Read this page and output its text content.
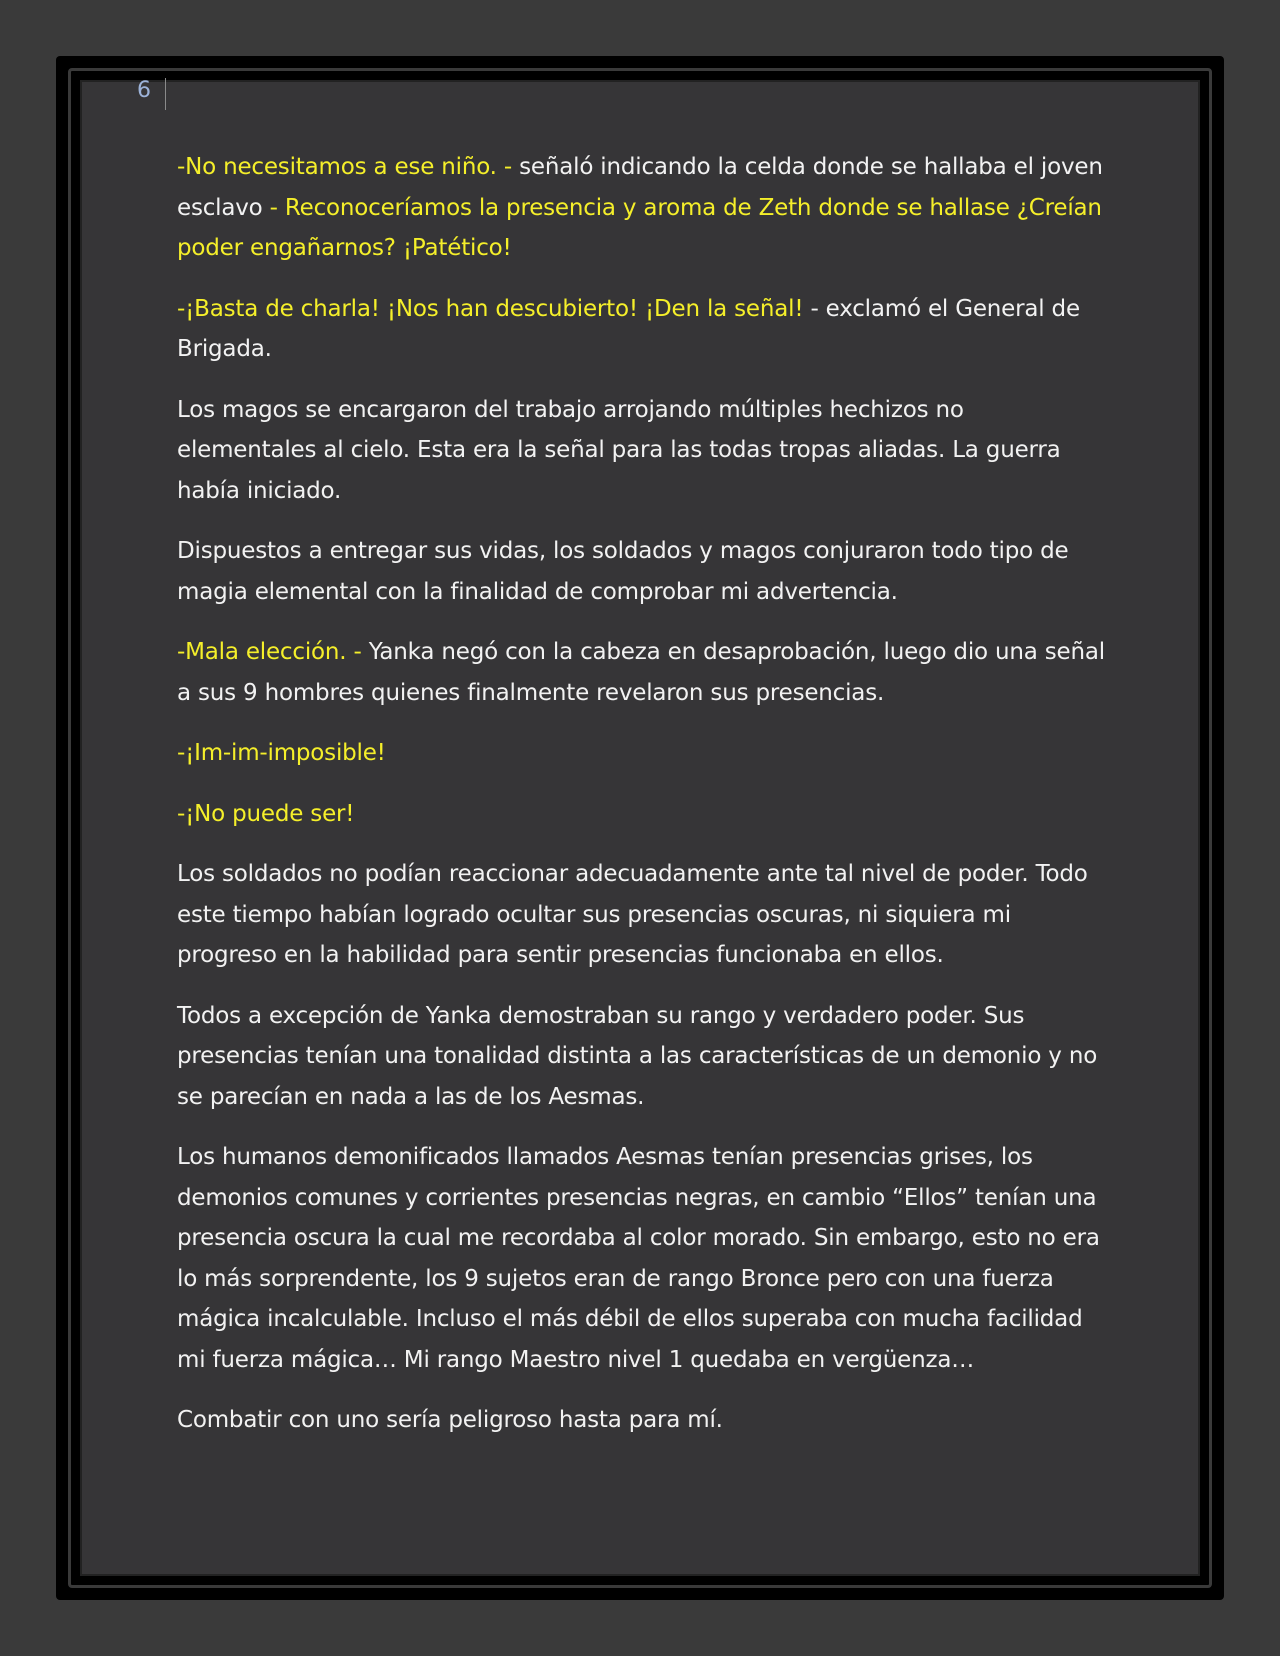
6

-No necesitamos a ese niño. - señaló indicando la celda donde se hallaba el joven esclavo - Reconoceríamos la presencia y aroma de Zeth donde se hallase ¿Creían poder engañarnos? ¡Patético!

-¡Basta de charla! ¡Nos han descubierto! ¡Den la señal! - exclamó el General de Brigada.

Los magos se encargaron del trabajo arrojando múltiples hechizos no elementales al cielo. Esta era la señal para las todas tropas aliadas. La guerra había iniciado.

Dispuestos a entregar sus vidas, los soldados y magos conjuraron todo tipo de magia elemental con la finalidad de comprobar mi advertencia.

-Mala elección. - Yanka negó con la cabeza en desaprobación, luego dio una señal a sus 9 hombres quienes finalmente revelaron sus presencias.

-¡Im-im-imposible!

-¡No puede ser!

Los soldados no podían reaccionar adecuadamente ante tal nivel de poder. Todo este tiempo habían logrado ocultar sus presencias oscuras, ni siquiera mi progreso en la habilidad para sentir presencias funcionaba en ellos.

Todos a excepción de Yanka demostraban su rango y verdadero poder. Sus presencias tenían una tonalidad distinta a las características de un demonio y no se parecían en nada a las de los Aesmas.

Los humanos demonificados llamados Aesmas tenían presencias grises, los demonios comunes y corrientes presencias negras, en cambio “Ellos” tenían una presencia oscura la cual me recordaba al color morado. Sin embargo, esto no era lo más sorprendente, los 9 sujetos eran de rango Bronce pero con una fuerza mágica incalculable. Incluso el más débil de ellos superaba con mucha facilidad mi fuerza mágica… Mi rango Maestro nivel 1 quedaba en vergüenza…

Combatir con uno sería peligroso hasta para mí.
